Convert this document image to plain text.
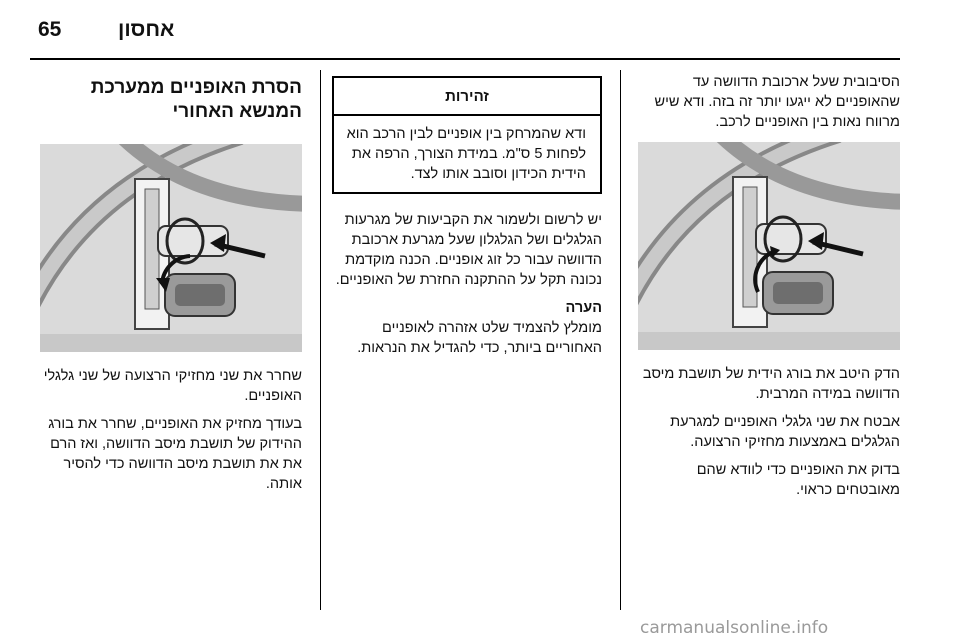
65	אחסון

הסיבובית שעל ארכובת הדוושה עד שהאופניים לא ייגעו יותר זה בזה. ודא שיש מרווח נאות בין האופניים לרכב.

הדק היטב את בורג הידית של תושבת מיסב הדוושה במידה המרבית.

אבטח את שני גלגלי האופניים למגרעת הגלגלים באמצעות מחזיקי הרצועה.

בדוק את האופניים כדי לוודא שהם מאובטחים כראוי.

זהירות
ודא שהמרחק בין אופניים לבין הרכב הוא לפחות 5 ס"מ. במידת הצורך, הרפה את הידית הכידון וסובב אותו לצד.

יש לרשום ולשמור את הקביעות של מגרעות הגלגלים ושל הגלגלון שעל מגרעת ארכובת הדוושה עבור כל זוג אופניים. הכנה מוקדמת נכונה תקל על ההתקנה החזרת של האופניים.

הערה

מומלץ להצמיד שלט אזהרה לאופניים האחוריים ביותר, כדי להגדיל את הנראות.

הסרת האופניים ממערכת המנשא האחורי

שחרר את שני מחזיקי הרצועה של שני גלגלי האופניים.

בעודך מחזיק את האופניים, שחרר את בורג ההידוק של תושבת מיסב הדוושה, ואז הרם את את תושבת מיסב הדוושה כדי להסיר אותה.

carmanualsonline.info
